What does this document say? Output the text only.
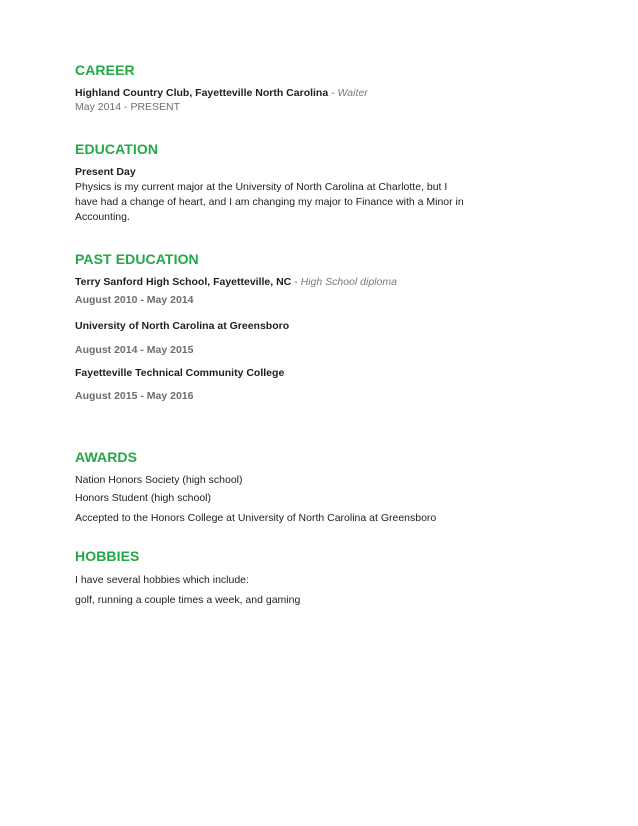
CAREER

Highland Country Club, Fayetteville North Carolina - Waiter

May 2014 - PRESENT

EDUCATION

Present Day

Physics is my current major at the University of North Carolina at Charlotte, but I have had a change of heart, and I am changing my major to Finance with a Minor in Accounting.

PAST EDUCATION

Terry Sanford High School, Fayetteville, NC - High School diploma

August 2010 - May 2014

University of North Carolina at Greensboro

August 2014 - May 2015

Fayetteville Technical Community College

August 2015 - May 2016

AWARDS

Nation Honors Society (high school)

Honors Student (high school)

Accepted to the Honors College at University of North Carolina at Greensboro

HOBBIES

I have several hobbies which include:

golf, running a couple times a week, and gaming
